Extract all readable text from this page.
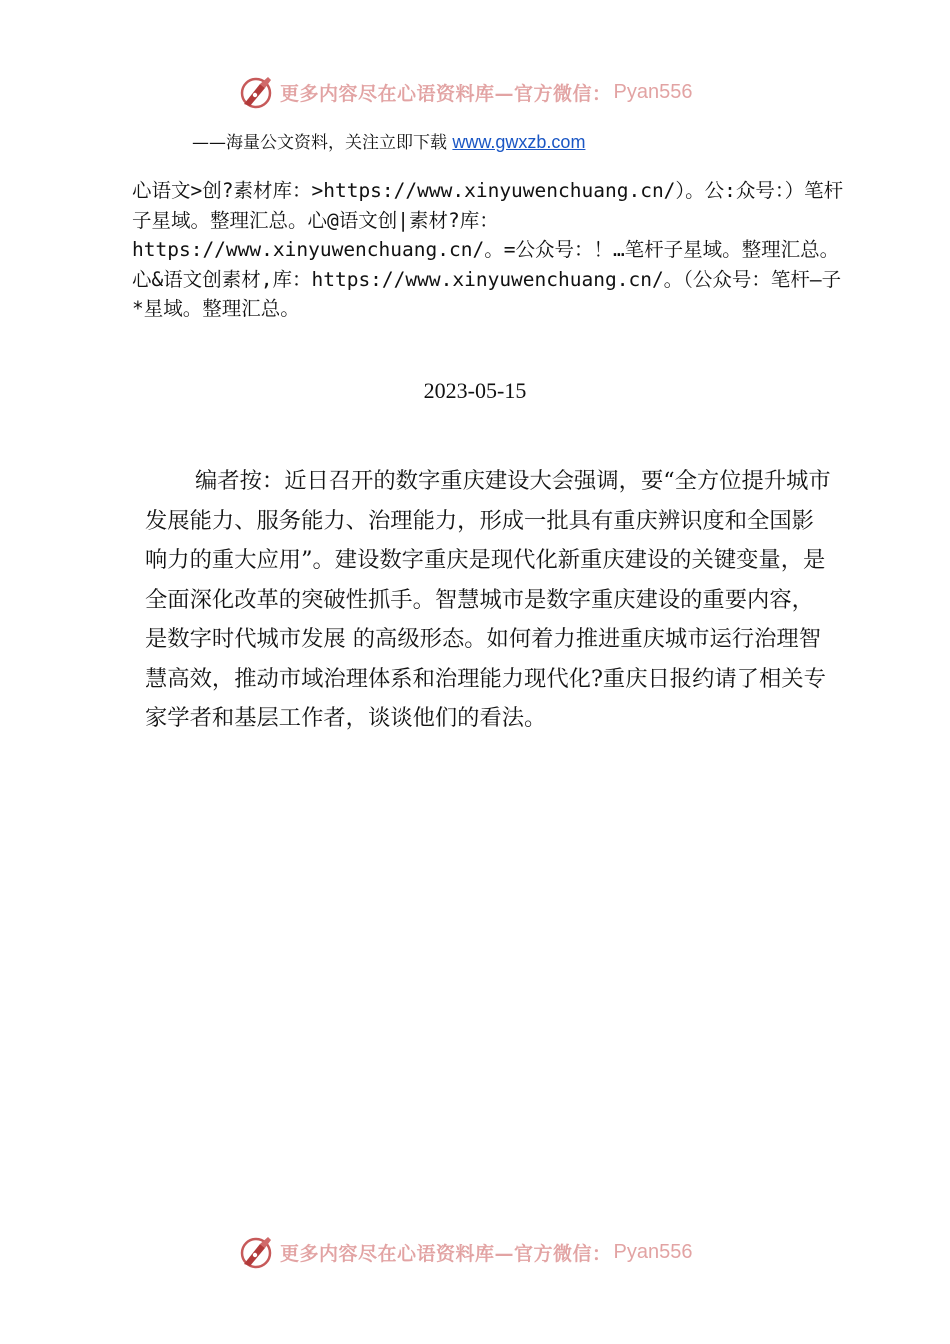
更多内容尽在心语资料库—官方微信： Pyan556
——海量公文资料，关注立即下载 www.gwxzb.com

心语文>创?素材库：>https://www.xinyuwenchuang.cn/）。公:众号：）笔杆子星域。整理汇总。心@语文创|素材?库：https://www.xinyuwenchuang.cn/。=公众号：！…笔杆子星域。整理汇总。

心&语文创素材,库：https://www.xinyuwenchuang.cn/。（公众号：笔杆—子*星域。整理汇总。

2023-05-15

编者按：近日召开的数字重庆建设大会强调，要“全方位提升城市发展能力、服务能力、治理能力，形成一批具有重庆辨识度和全国影响力的重大应用”。建设数字重庆是现代化新重庆建设的关键变量，是全面深化改革的突破性抓手。智慧城市是数字重庆建设的重要内容，是数字时代城市发展 的高级形态。如何着力推进重庆城市运行治理智慧高效，推动市域治理体系和治理能力现代化?重庆日报约请了相关专家学者和基层工作者，谈谈他们的看法。

更多内容尽在心语资料库—官方微信： Pyan556
